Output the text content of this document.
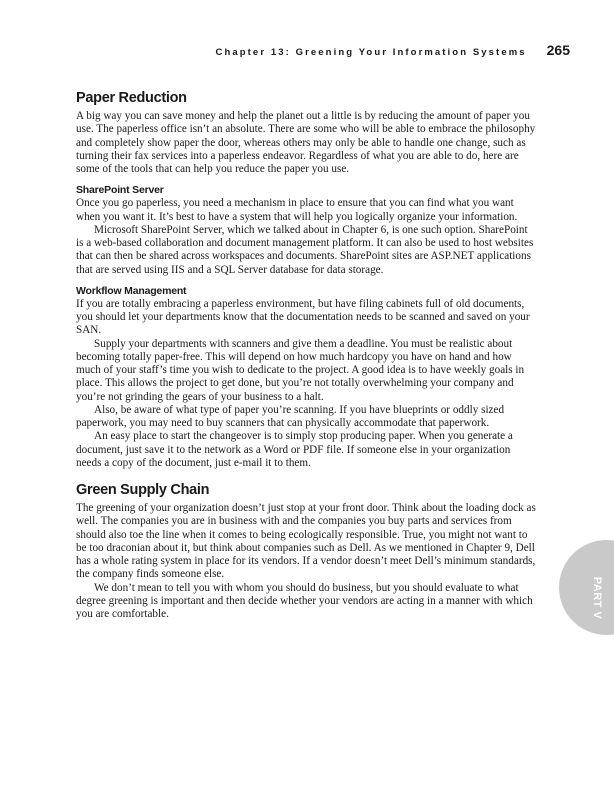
Chapter 13: Greening Your Information Systems 265
PART V
Paper Reduction

A big way you can save money and help the planet out a little is by reducing the amount of paper you use. The paperless office isn’t an absolute. There are some who will be able to embrace the philosophy and completely show paper the door, whereas others may only be able to handle one change, such as turning their fax services into a paperless endeavor. Regardless of what you are able to do, here are some of the tools that can help you reduce the paper you use.

SharePoint Server

Once you go paperless, you need a mechanism in place to ensure that you can find what you want when you want it. It’s best to have a system that will help you logically organize your information.

Microsoft SharePoint Server, which we talked about in Chapter 6, is one such option. SharePoint is a web-based collaboration and document management platform. It can also be used to host websites that can then be shared across workspaces and documents. SharePoint sites are ASP.NET applications that are served using IIS and a SQL Server database for data storage.

Workflow Management

If you are totally embracing a paperless environment, but have filing cabinets full of old documents, you should let your departments know that the documentation needs to be scanned and saved on your SAN.

Supply your departments with scanners and give them a deadline. You must be realistic about becoming totally paper-free. This will depend on how much hardcopy you have on hand and how much of your staff’s time you wish to dedicate to the project. A good idea is to have weekly goals in place. This allows the project to get done, but you’re not totally overwhelming your company and you’re not grinding the gears of your business to a halt.

Also, be aware of what type of paper you’re scanning. If you have blueprints or oddly sized paperwork, you may need to buy scanners that can physically accommodate that paperwork.

An easy place to start the changeover is to simply stop producing paper. When you generate a document, just save it to the network as a Word or PDF file. If someone else in your organization needs a copy of the document, just e-mail it to them.

Green Supply Chain

The greening of your organization doesn’t just stop at your front door. Think about the loading dock as well. The companies you are in business with and the companies you buy parts and services from should also toe the line when it comes to being ecologically responsible. True, you might not want to be too draconian about it, but think about companies such as Dell. As we mentioned in Chapter 9, Dell has a whole rating system in place for its vendors. If a vendor doesn’t meet Dell’s minimum standards, the company finds someone else.

We don’t mean to tell you with whom you should do business, but you should evaluate to what degree greening is important and then decide whether your vendors are acting in a manner with which you are comfortable.
